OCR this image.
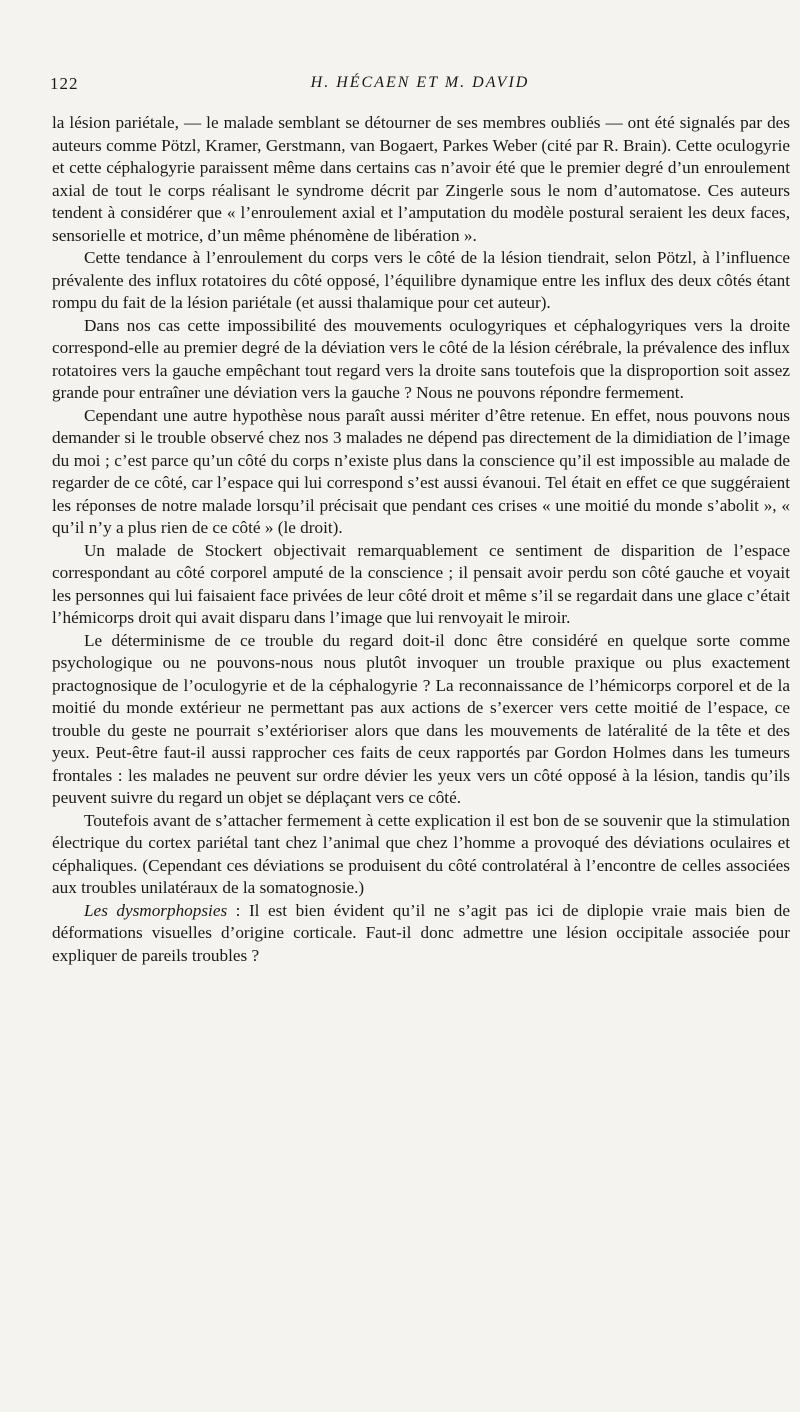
122	H. HÉCAEN ET M. DAVID

la lésion pariétale, — le malade semblant se détourner de ses membres oubliés — ont été signalés par des auteurs comme Pötzl, Kramer, Gerstmann, van Bogaert, Parkes Weber (cité par R. Brain). Cette oculogyrie et cette céphalogyrie paraissent même dans certains cas n’avoir été que le premier degré d’un enroulement axial de tout le corps réalisant le syndrome décrit par Zingerle sous le nom d’automatose. Ces auteurs tendent à considérer que « l’enroulement axial et l’amputation du modèle postural seraient les deux faces, sensorielle et motrice, d’un même phénomène de libération ».

Cette tendance à l’enroulement du corps vers le côté de la lésion tiendrait, selon Pötzl, à l’influence prévalente des influx rotatoires du côté opposé, l’équilibre dynamique entre les influx des deux côtés étant rompu du fait de la lésion pariétale (et aussi thalamique pour cet auteur).

Dans nos cas cette impossibilité des mouvements oculogyriques et céphalogyriques vers la droite correspond-elle au premier degré de la déviation vers le côté de la lésion cérébrale, la prévalence des influx rotatoires vers la gauche empêchant tout regard vers la droite sans toutefois que la disproportion soit assez grande pour entraîner une déviation vers la gauche ? Nous ne pouvons répondre fermement.

Cependant une autre hypothèse nous paraît aussi mériter d’être retenue. En effet, nous pouvons nous demander si le trouble observé chez nos 3 malades ne dépend pas directement de la dimidiation de l’image du moi ; c’est parce qu’un côté du corps n’existe plus dans la conscience qu’il est impossible au malade de regarder de ce côté, car l’espace qui lui correspond s’est aussi évanoui. Tel était en effet ce que suggéraient les réponses de notre malade lorsqu’il précisait que pendant ces crises « une moitié du monde s’abolit », « qu’il n’y a plus rien de ce côté » (le droit).

Un malade de Stockert objectivait remarquablement ce sentiment de disparition de l’espace correspondant au côté corporel amputé de la conscience ; il pensait avoir perdu son côté gauche et voyait les personnes qui lui faisaient face privées de leur côté droit et même s’il se regardait dans une glace c’était l’hémicorps droit qui avait disparu dans l’image que lui renvoyait le miroir.

Le déterminisme de ce trouble du regard doit-il donc être considéré en quelque sorte comme psychologique ou ne pouvons-nous nous plutôt invoquer un trouble praxique ou plus exactement practognosique de l’oculogyrie et de la céphalogyrie ? La reconnaissance de l’hémicorps corporel et de la moitié du monde extérieur ne permettant pas aux actions de s’exercer vers cette moitié de l’espace, ce trouble du geste ne pourrait s’extérioriser alors que dans les mouvements de latéralité de la tête et des yeux. Peut-être faut-il aussi rapprocher ces faits de ceux rapportés par Gordon Holmes dans les tumeurs frontales : les malades ne peuvent sur ordre dévier les yeux vers un côté opposé à la lésion, tandis qu’ils peuvent suivre du regard un objet se déplaçant vers ce côté.

Toutefois avant de s’attacher fermement à cette explication il est bon de se souvenir que la stimulation électrique du cortex pariétal tant chez l’animal que chez l’homme a provoqué des déviations oculaires et céphaliques. (Cependant ces déviations se produisent du côté controlatéral à l’encontre de celles associées aux troubles unilatéraux de la somatognosie.)

Les dysmorphopsies : Il est bien évident qu’il ne s’agit pas ici de diplopie vraie mais bien de déformations visuelles d’origine corticale. Faut-il donc admettre une lésion occipitale associée pour expliquer de pareils troubles ?
